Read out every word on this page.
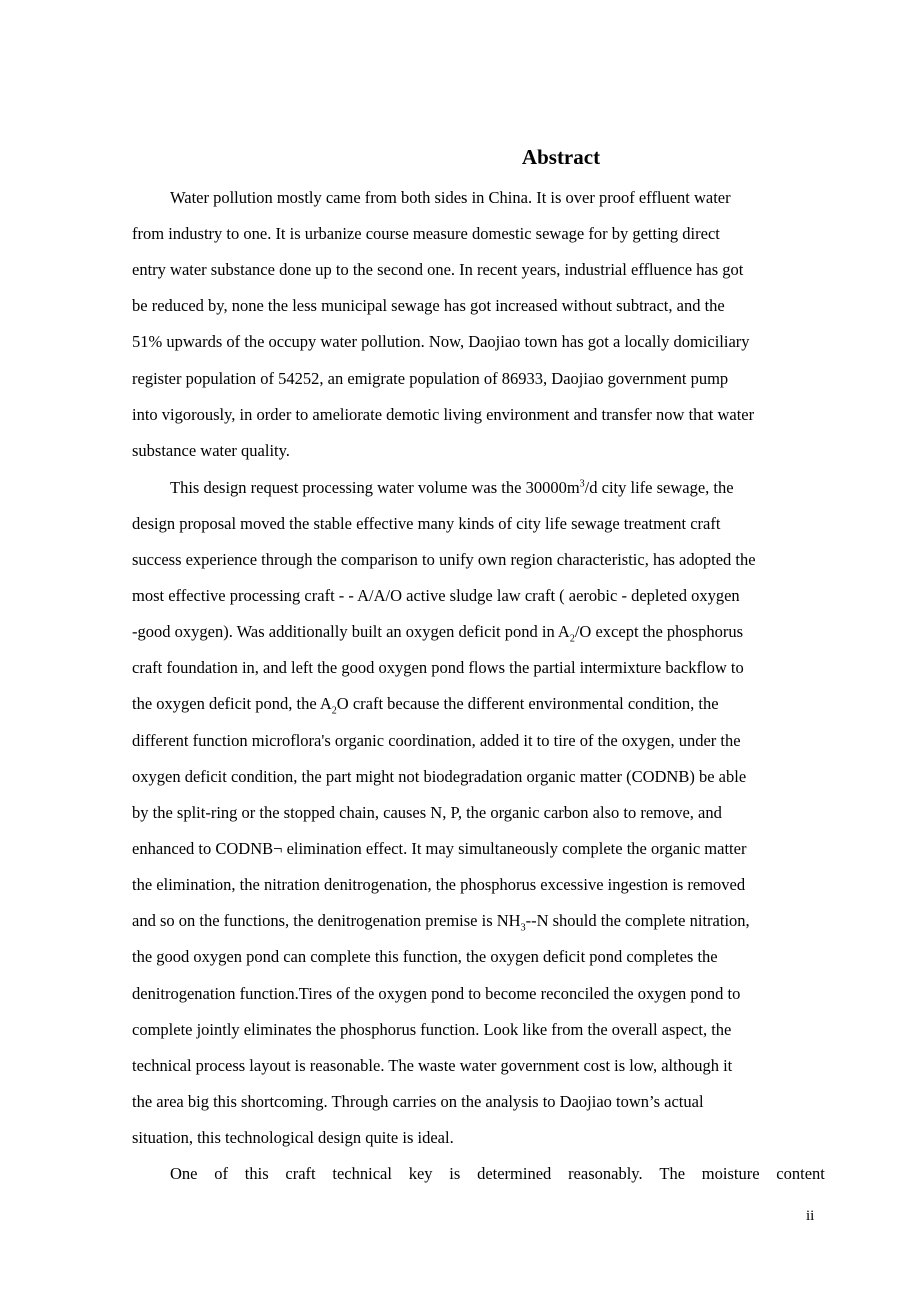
Abstract

Water pollution mostly came from both sides in China. It is over proof effluent water

from industry to one. It is urbanize course measure domestic sewage for by getting direct

entry water substance done up to the second one. In recent years, industrial effluence has got

be reduced by, none the less municipal sewage has got increased without subtract, and the

51% upwards of the occupy water pollution. Now, Daojiao town has got a locally domiciliary

register population of 54252, an emigrate population of 86933, Daojiao government pump

into vigorously, in order to ameliorate demotic living environment and transfer now that water

substance water quality.

This design request processing water volume was the $30000m^3/d$ city life sewage, the

design proposal moved the stable effective many kinds of city life sewage treatment craft

success experience through the comparison to unify own region characteristic, has adopted the

most effective processing craft - - A/A/O active sludge law craft ( aerobic - depleted oxygen

-good oxygen). Was additionally built an oxygen deficit pond in $A_2/O$ except the phosphorus

craft foundation in, and left the good oxygen pond flows the partial intermixture backflow to

the oxygen deficit pond, the $A_2O$ craft because the different environmental condition, the

different function microflora's organic coordination, added it to tire of the oxygen, under the

oxygen deficit condition, the part might not biodegradation organic matter (CODNB) be able

by the split-ring or the stopped chain, causes N, P, the organic carbon also to remove, and

enhanced to CODNB¬ elimination effect. It may simultaneously complete the organic matter

the elimination, the nitration denitrogenation, the phosphorus excessive ingestion is removed

and so on the functions, the denitrogenation premise is $NH_3--N$ should the complete nitration,

the good oxygen pond can complete this function, the oxygen deficit pond completes the

denitrogenation function.Tires of the oxygen pond to become reconciled the oxygen pond to

complete jointly eliminates the phosphorus function. Look like from the overall aspect, the

technical process layout is reasonable. The waste water government cost is low, although it

the area big this shortcoming. Through carries on the analysis to Daojiao town’s actual

situation, this technological design quite is ideal.

One of this craft technical key is determined reasonably. The moisture content

ii
